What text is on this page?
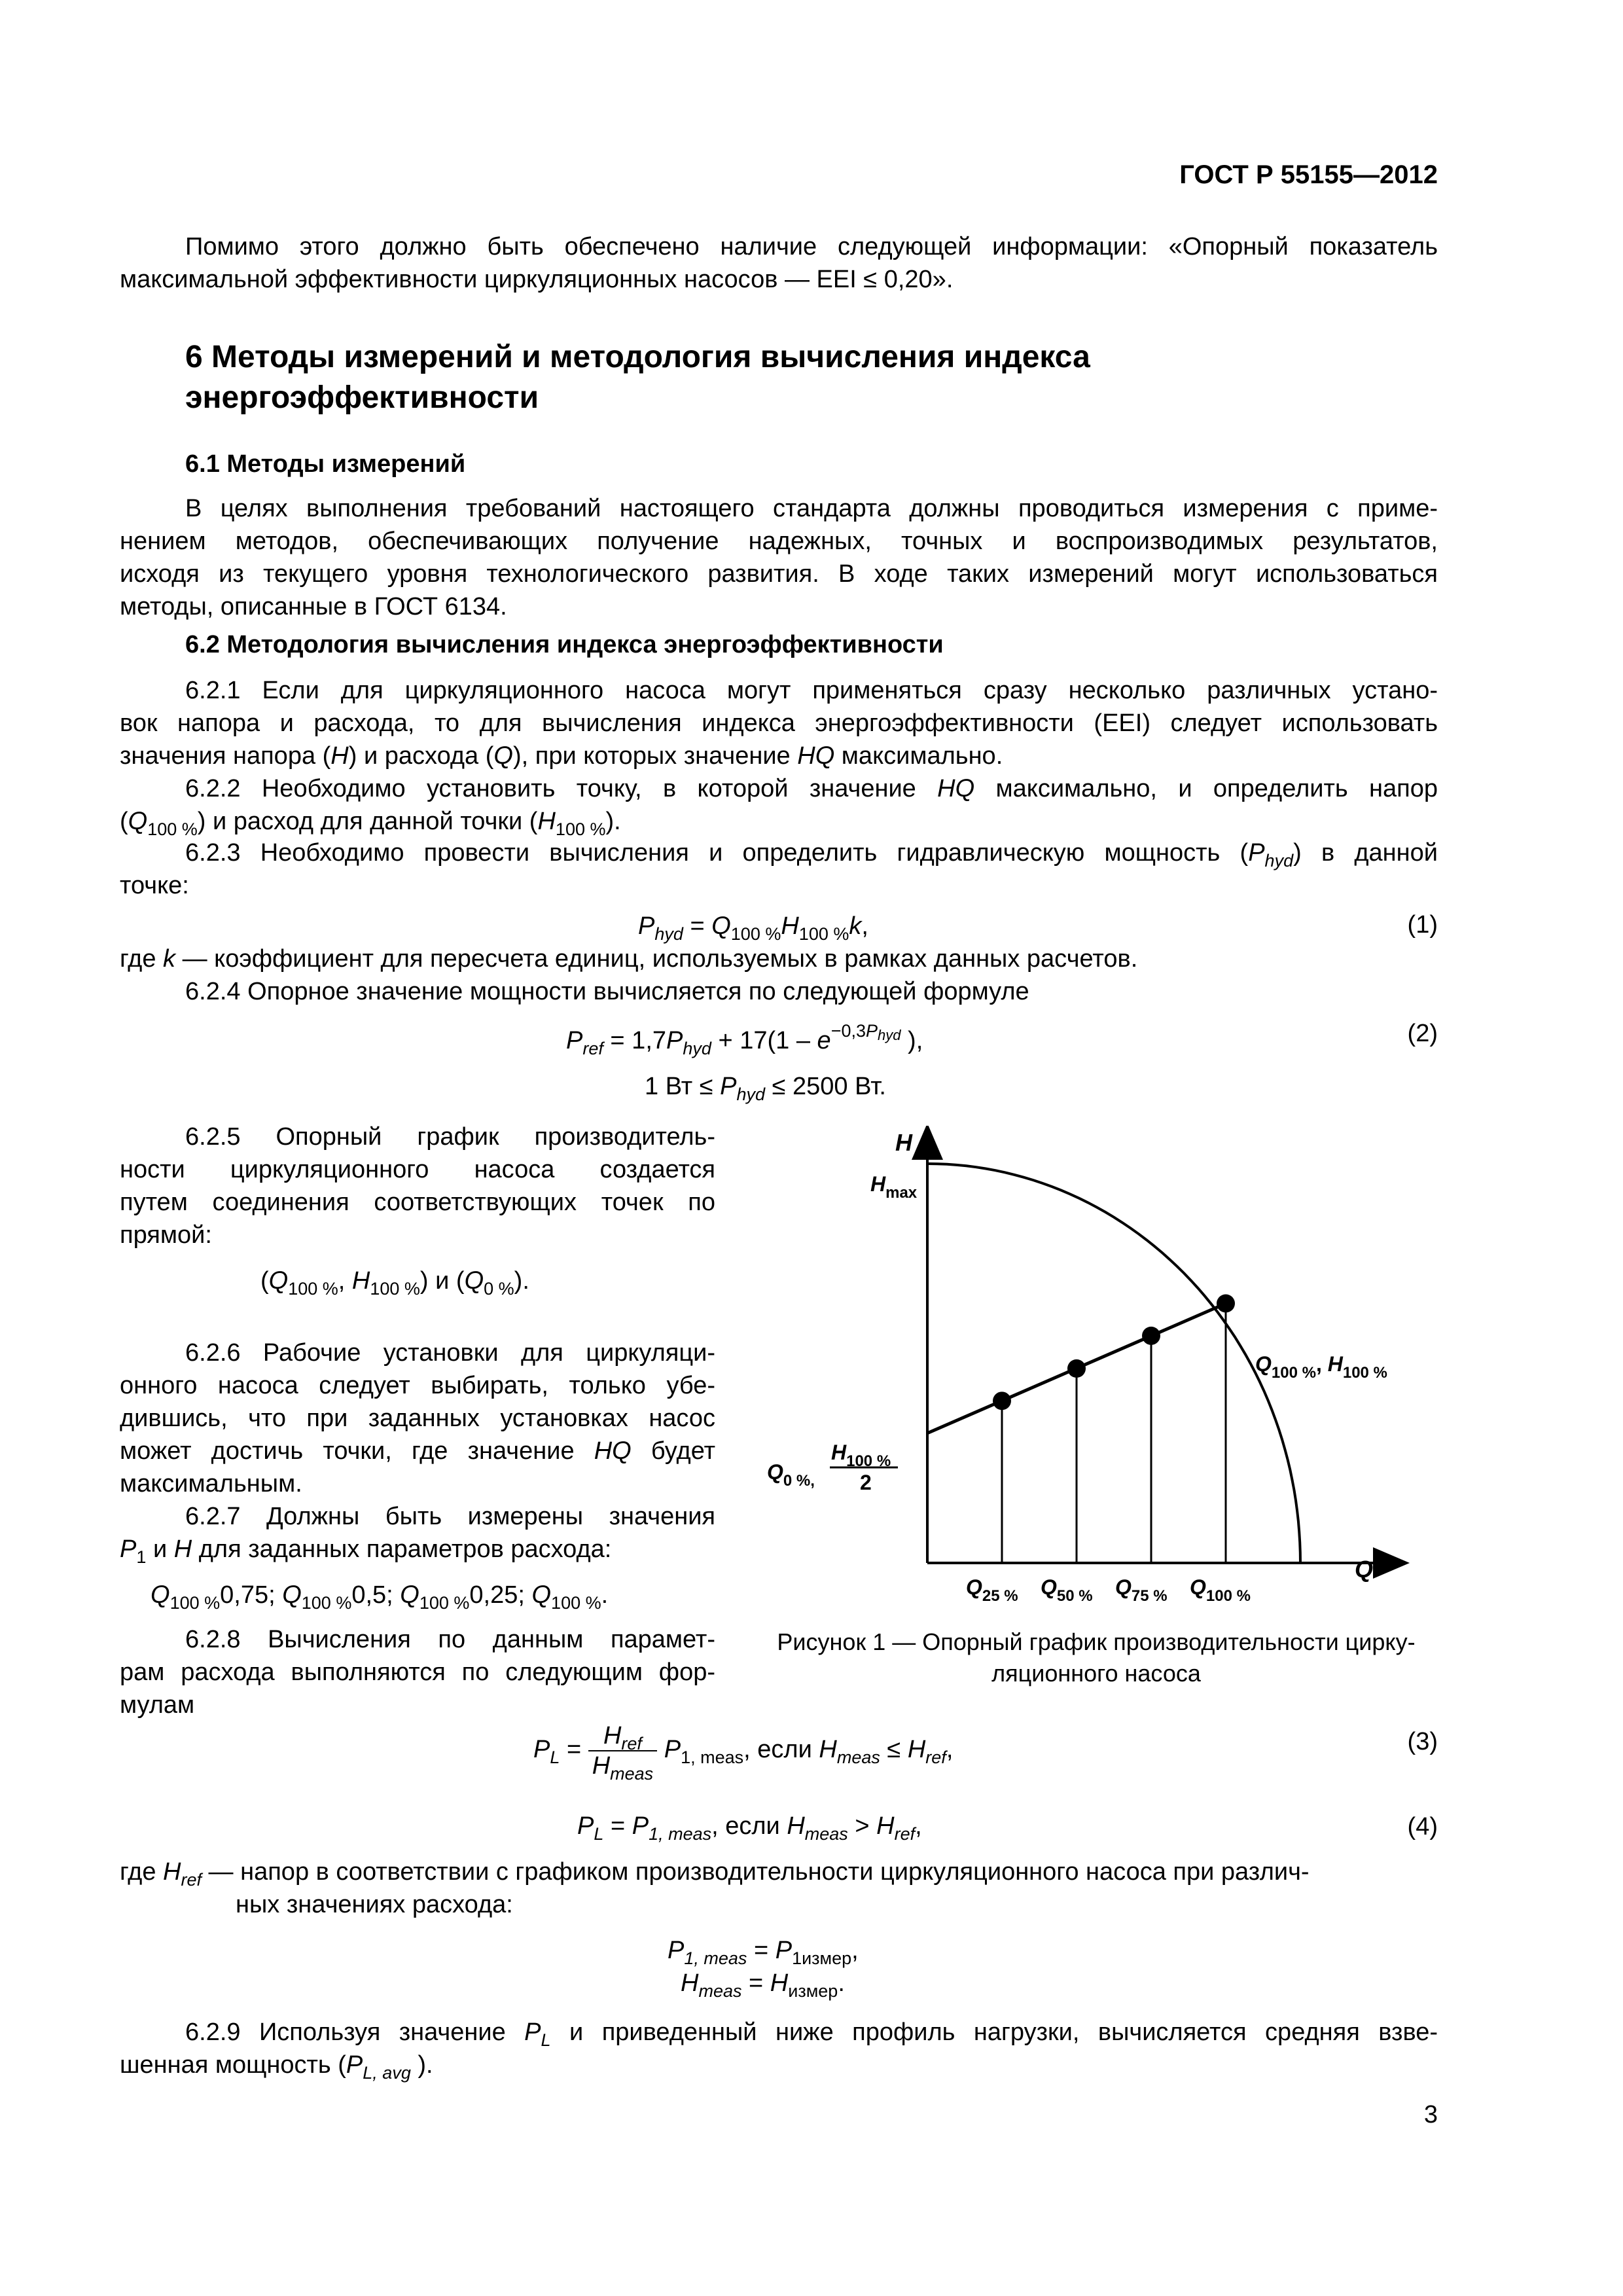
ГОСТ Р 55155—2012
Помимо этого должно быть обеспечено наличие следующей информации: «Опорный показатель
максимальной эффективности циркуляционных насосов — EEI ≤ 0,20».
6 Методы измерений и методология вычисления индекса
энергоэффективности
6.1 Методы измерений
В целях выполнения требований настоящего стандарта должны проводиться измерения с приме-
нением методов, обеспечивающих получение надежных, точных и воспроизводимых результатов,
исходя из текущего уровня технологического развития. В ходе таких измерений могут использоваться
методы, описанные в ГОСТ 6134.
6.2 Методология вычисления индекса энергоэффективности
6.2.1 Если для циркуляционного насоса могут применяться сразу несколько различных устано-
вок напора и расхода, то для вычисления индекса энергоэффективности (EEI) следует использовать
значения напора (H) и расхода (Q), при которых значение HQ максимально.
6.2.2 Необходимо установить точку, в которой значение HQ максимально, и определить напор
$(Q_{100 \%})$ и расход для данной точки $(H_{100 \%})$.
6.2.3 Необходимо провести вычисления и определить гидравлическую мощность $(P_{hyd})$ в данной
точке:
$P_{hyd} = Q_{100 \%}H_{100 \%}k$,	(1)
где k — коэффициент для пересчета единиц, используемых в рамках данных расчетов.
6.2.4 Опорное значение мощности вычисляется по следующей формуле
$P_{ref} = 1,7P_{hyd} + 17(1 - e^{-0,3P_{hyd}}$ ),	(2)
1 Вт ≤ $P_{hyd} \le 2500$ Вт.
6.2.5 Опорный график производитель-
ности циркуляционного насоса создается
путем соединения соответствующих точек по
прямой:
($Q_{100 \%}$, $H_{100 \%}$) и $(Q_{0 \%})$.
6.2.6 Рабочие установки для циркуляци-
онного насоса следует выбирать, только убе-
дившись, что при заданных установках насос
может достичь точки, где значение HQ будет
максимальным.
6.2.7 Должны быть измерены значения
$P_1$ и H для заданных параметров расхода:
$Q_{100 \%}0,75$; $Q_{100 \%}0,5$; $Q_{100 \%}0,25$; $Q_{100 \%}$.
6.2.8 Вычисления по данным парамет-
рам расхода выполняются по следующим фор-
мулам
H
Q
$H_{max}$
$Q_{100 \%}$, $H_{100 \%}$
$Q_{0 \%,}$
$H_{100 \%}$
2
$Q_{25 \%}$ $Q_{50 \%}$ $Q_{75 \%}$ $Q_{100 \%}$
Рисунок 1 — Опорный график производительности цирку-
ляционного насоса
$P_L = \frac{H_{ref}}{H_{meas}} P_{1, meas}$, если $H_{meas} \le H_{ref}$,	(3)
$P_L = P_{1, meas}$, если $H_{meas} > H_{ref}$,	(4)
где $H_{ref}$ — напор в соответствии с графиком производительности циркуляционного насоса при различ-
ных значениях расхода:
$P_{1, meas} = P_{1измер}$,
$H_{meas} = H_{измер}$.
6.2.9 Используя значение $P_L$ и приведенный ниже профиль нагрузки, вычисляется средняя взве-
шенная мощность ($P_{L, avg}$ ).
3
